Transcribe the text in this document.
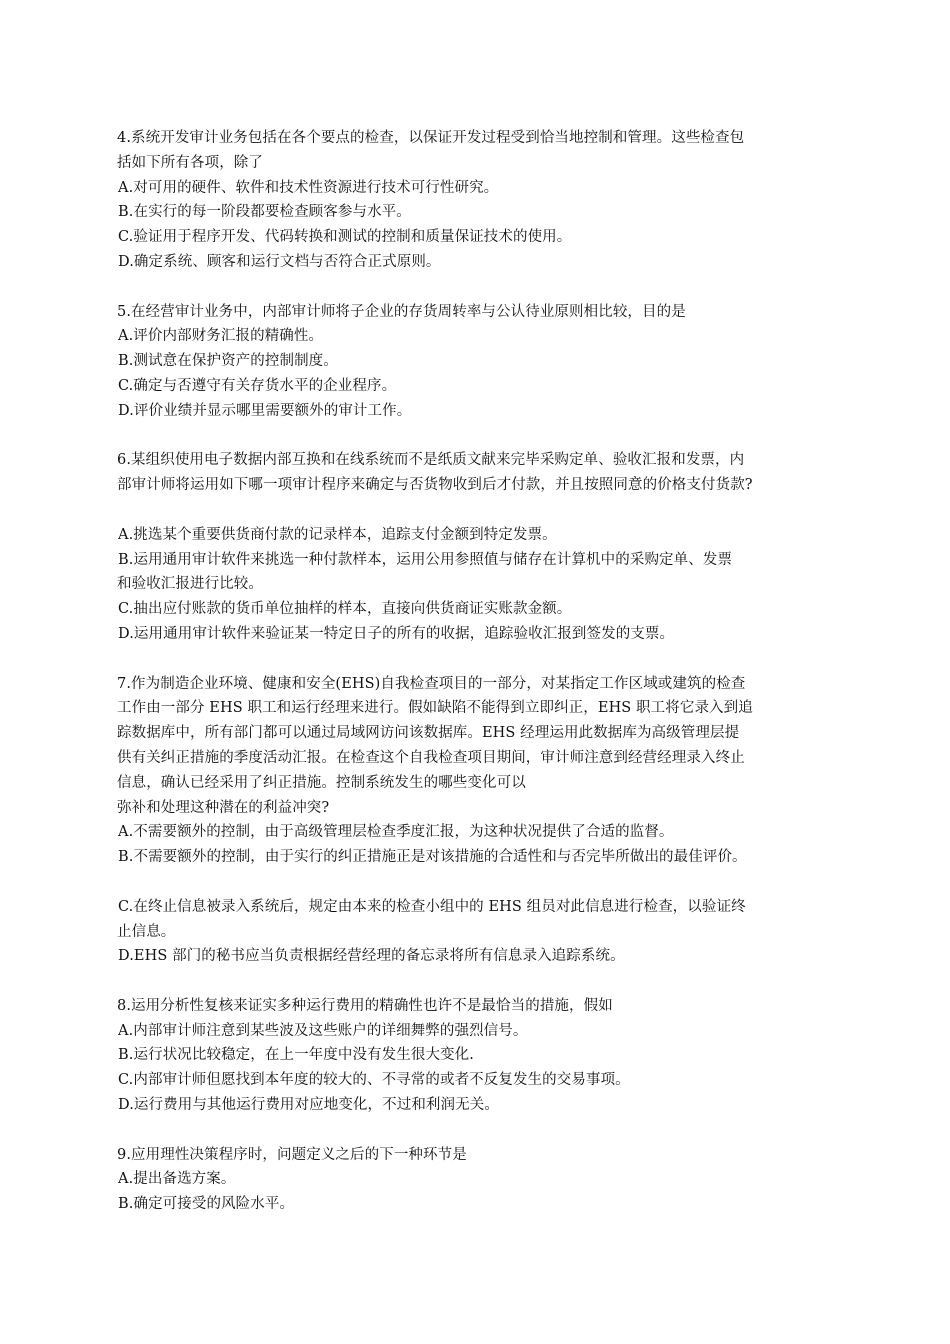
4.系统开发审计业务包括在各个要点的检查，以保证开发过程受到恰当地控制和管理。这些检查包
括如下所有各项，除了
A.对可用的硬件、软件和技术性资源进行技术可行性研究。
B.在实行的每一阶段都要检查顾客参与水平。
C.验证用于程序开发、代码转换和测试的控制和质量保证技术的使用。
D.确定系统、顾客和运行文档与否符合正式原则。
5.在经营审计业务中，内部审计师将子企业的存货周转率与公认待业原则相比较，目的是
A.评价内部财务汇报的精确性。
B.测试意在保护资产的控制制度。
C.确定与否遵守有关存货水平的企业程序。
D.评价业绩并显示哪里需要额外的审计工作。
6.某组织使用电子数据内部互换和在线系统而不是纸质文献来完毕采购定单、验收汇报和发票，内
部审计师将运用如下哪一项审计程序来确定与否货物收到后才付款，并且按照同意的价格支付货款?
A.挑选某个重要供货商付款的记录样本，追踪支付金额到特定发票。
B.运用通用审计软件来挑选一种付款样本，运用公用参照值与储存在计算机中的采购定单、发票
和验收汇报进行比较。
C.抽出应付账款的货币单位抽样的样本，直接向供货商证实账款金额。
D.运用通用审计软件来验证某一特定日子的所有的收据，追踪验收汇报到签发的支票。
7.作为制造企业环境、健康和安全(EHS)自我检查项目的一部分，对某指定工作区域或建筑的检查
工作由一部分 EHS 职工和运行经理来进行。假如缺陷不能得到立即纠正，EHS 职工将它录入到追
踪数据库中，所有部门都可以通过局域网访问该数据库。EHS 经理运用此数据库为高级管理层提
供有关纠正措施的季度活动汇报。在检查这个自我检查项目期间，审计师注意到经营经理录入终止
信息，确认已经采用了纠正措施。控制系统发生的哪些变化可以
弥补和处理这种潜在的利益冲突?
A.不需要额外的控制，由于高级管理层检查季度汇报，为这种状况提供了合适的监督。
B.不需要额外的控制，由于实行的纠正措施正是对该措施的合适性和与否完毕所做出的最佳评价。
C.在终止信息被录入系统后，规定由本来的检查小组中的 EHS 组员对此信息进行检查，以验证终
止信息。
D.EHS 部门的秘书应当负责根据经营经理的备忘录将所有信息录入追踪系统。
8.运用分析性复核来证实多种运行费用的精确性也许不是最恰当的措施，假如
A.内部审计师注意到某些波及这些账户的详细舞弊的强烈信号。
B.运行状况比较稳定，在上一年度中没有发生很大变化.
C.内部审计师但愿找到本年度的较大的、不寻常的或者不反复发生的交易事项。
D.运行费用与其他运行费用对应地变化，不过和利润无关。
9.应用理性决策程序时，问题定义之后的下一种环节是
A.提出备选方案。
B.确定可接受的风险水平。
